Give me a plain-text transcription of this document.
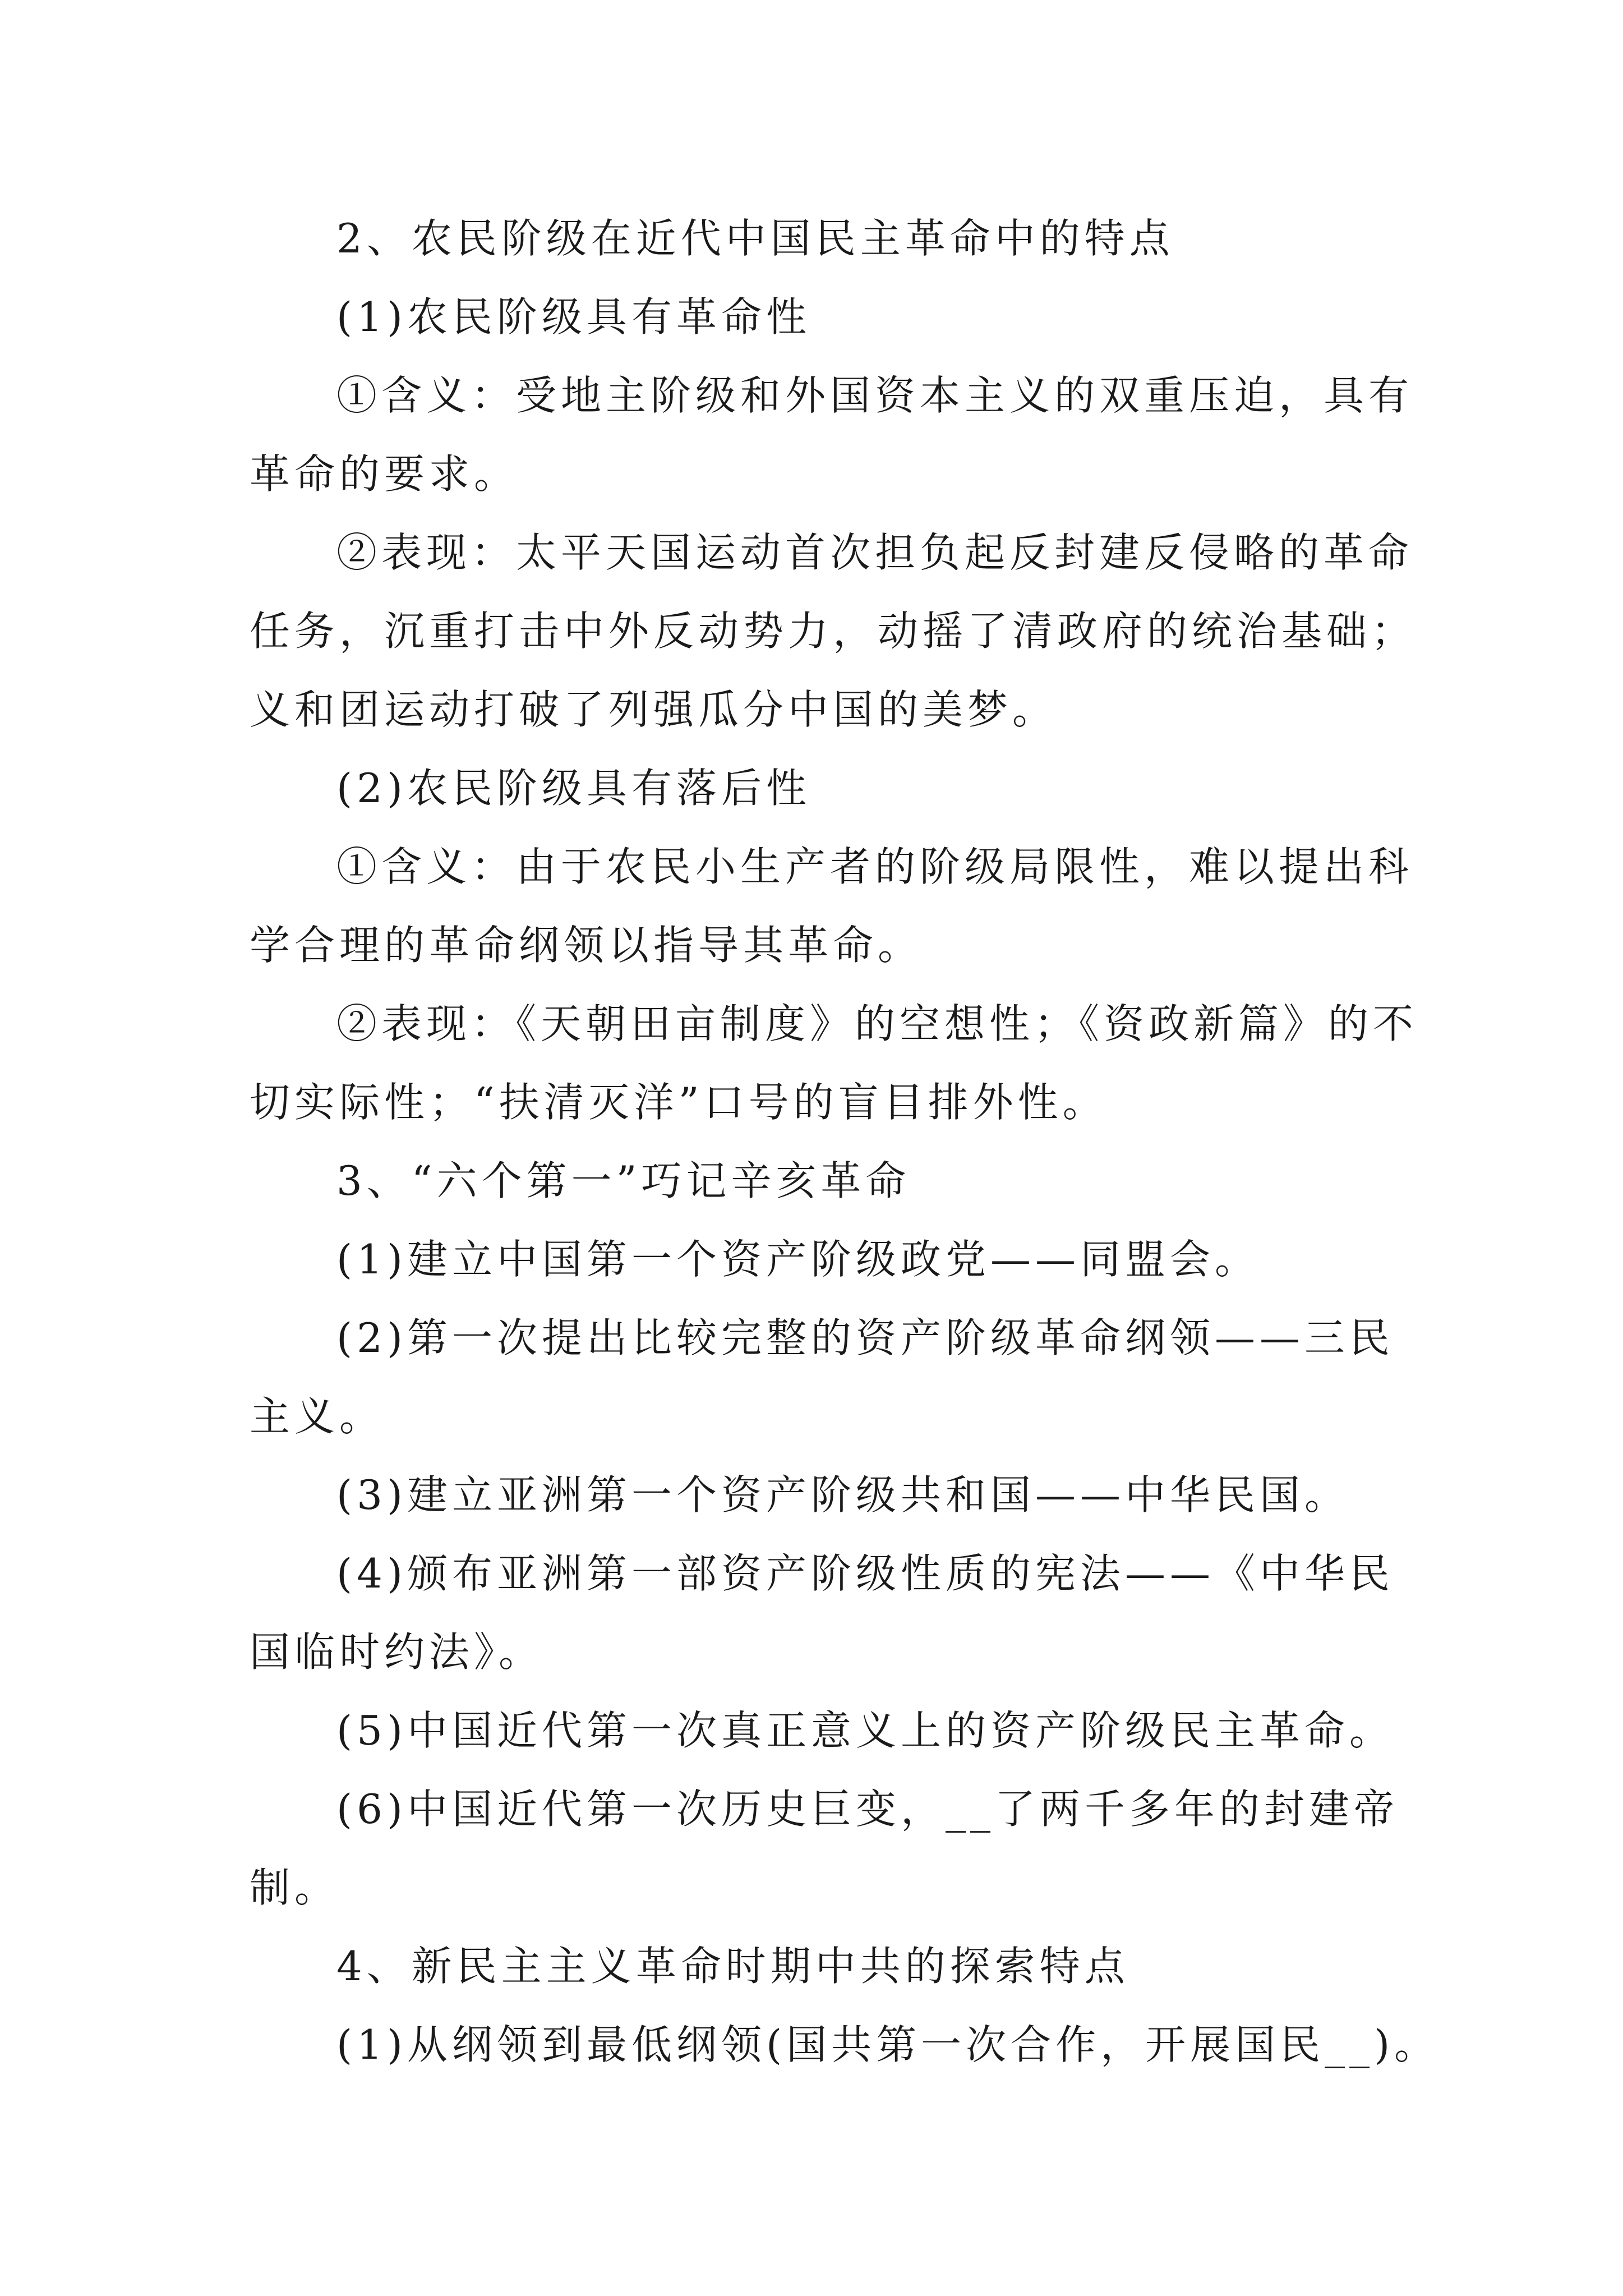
2、农民阶级在近代中国民主革命中的特点
(1)农民阶级具有革命性
①含义：受地主阶级和外国资本主义的双重压迫，具有
革命的要求。
②表现：太平天国运动首次担负起反封建反侵略的革命
任务，沉重打击中外反动势力，动摇了清政府的统治基础；
义和团运动打破了列强瓜分中国的美梦。
(2)农民阶级具有落后性
①含义：由于农民小生产者的阶级局限性，难以提出科
学合理的革命纲领以指导其革命。
②表现：《天朝田亩制度》的空想性；《资政新篇》的不
切实际性；“扶清灭洋”口号的盲目排外性。
3、“六个第一”巧记辛亥革命
(1)建立中国第一个资产阶级政党——同盟会。
(2)第一次提出比较完整的资产阶级革命纲领——三民
主义。
(3)建立亚洲第一个资产阶级共和国——中华民国。
(4)颁布亚洲第一部资产阶级性质的宪法——《中华民
国临时约法》。
(5)中国近代第一次真正意义上的资产阶级民主革命。
(6)中国近代第一次历史巨变，__了两千多年的封建帝
制。
4、新民主主义革命时期中共的探索特点
(1)从纲领到最低纲领(国共第一次合作，开展国民__)。
